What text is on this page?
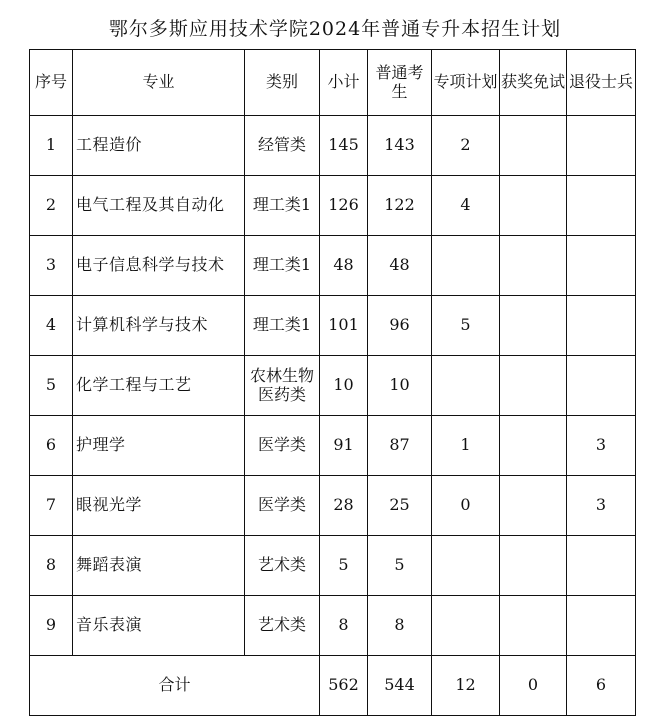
鄂尔多斯应用技术学院2024年普通专升本招生计划
序号	专业	类别	小计	普通考生	专项计划	获奖免试	退役士兵
1	工程造价	经管类	145	143	2		
2	电气工程及其自动化	理工类1	126	122	4		
3	电子信息科学与技术	理工类1	48	48			
4	计算机科学与技术	理工类1	101	96	5		
5	化学工程与工艺	农林生物医药类	10	10			
6	护理学	医学类	91	87	1		3
7	眼视光学	医学类	28	25	0		3
8	舞蹈表演	艺术类	5	5			
9	音乐表演	艺术类	8	8			
合计			562	544	12	0	6
